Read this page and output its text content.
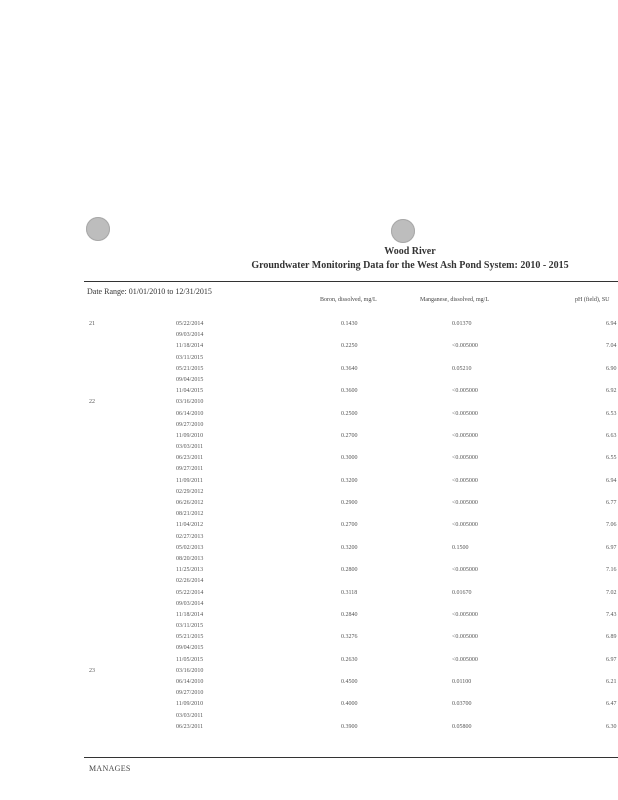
Wood River
Groundwater Monitoring Data for the West Ash Pond System: 2010 - 2015
Date Range: 01/01/2010 to 12/31/2015
Boron, dissolved, mg/L	Manganese, dissolved, mg/L	pH (field), SU
21	05/22/2014	0.1430	0.01370	6.94
09/03/2014
11/18/2014	0.2250	<0.005000	7.04
03/11/2015
05/21/2015	0.3640	0.05210	6.90
09/04/2015
11/04/2015	0.3600	<0.005000	6.92
22	03/16/2010
06/14/2010	0.2500	<0.005000	6.53
09/27/2010
11/09/2010	0.2700	<0.005000	6.63
03/03/2011
06/23/2011	0.3000	<0.005000	6.55
09/27/2011
11/09/2011	0.3200	<0.005000	6.94
02/29/2012
06/26/2012	0.2900	<0.005000	6.77
08/21/2012
11/04/2012	0.2700	<0.005000	7.06
02/27/2013
05/02/2013	0.3200	0.1500	6.97
08/20/2013
11/25/2013	0.2800	<0.005000	7.16
02/26/2014
05/22/2014	0.3118	0.01670	7.02
09/03/2014
11/18/2014	0.2840	<0.005000	7.43
03/11/2015
05/21/2015	0.3276	<0.005000	6.89
09/04/2015
11/05/2015	0.2630	<0.005000	6.97
23	03/16/2010
06/14/2010	0.4500	0.01100	6.21
09/27/2010
11/09/2010	0.4000	0.03700	6.47
03/03/2011
06/23/2011	0.3900	0.05800	6.30
MANAGES
